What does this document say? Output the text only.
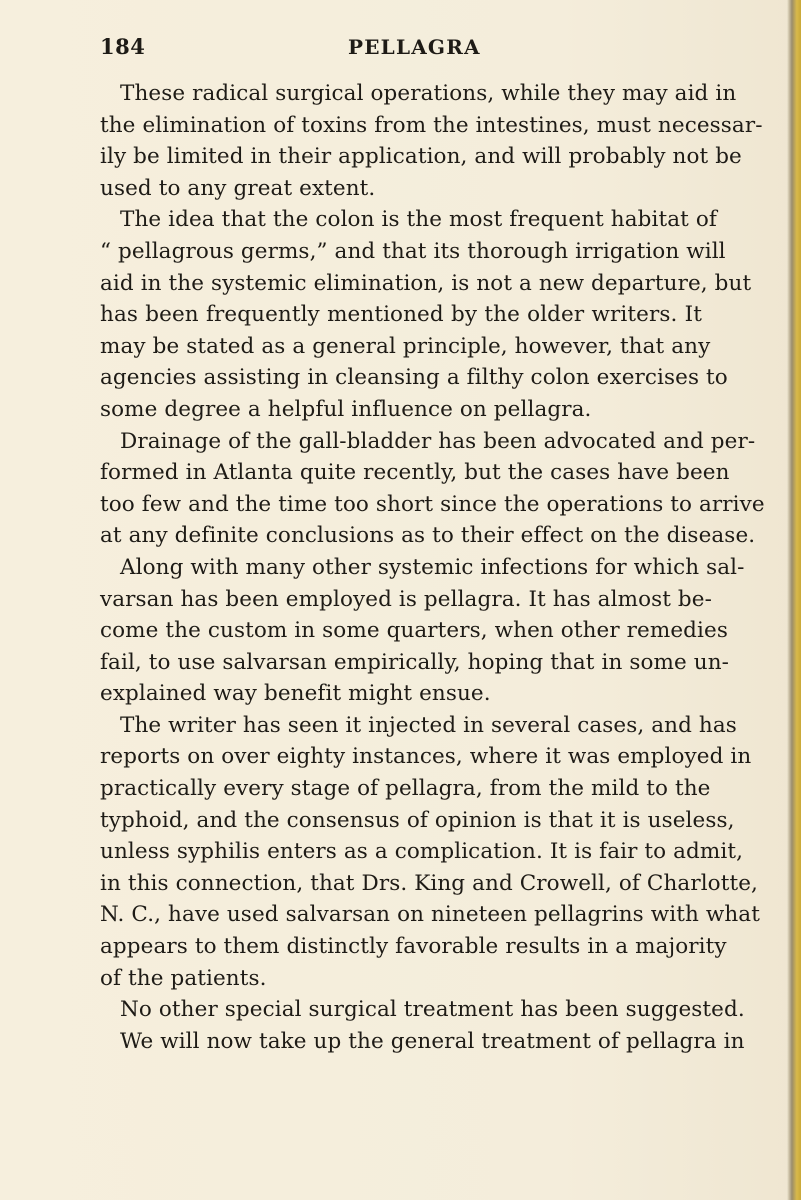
184	PELLAGRA
These radical surgical operations, while they may aid in
the elimination of toxins from the intestines, must necessar-
ily be limited in their application, and will probably not be
used to any great extent.
The idea that the colon is the most frequent habitat of
“ pellagrous germs,” and that its thorough irrigation will
aid in the systemic elimination, is not a new departure, but
has been frequently mentioned by the older writers. It
may be stated as a general principle, however, that any
agencies assisting in cleansing a filthy colon exercises to
some degree a helpful influence on pellagra.
Drainage of the gall-bladder has been advocated and per-
formed in Atlanta quite recently, but the cases have been
too few and the time too short since the operations to arrive
at any definite conclusions as to their effect on the disease.
Along with many other systemic infections for which sal-
varsan has been employed is pellagra. It has almost be-
come the custom in some quarters, when other remedies
fail, to use salvarsan empirically, hoping that in some un-
explained way benefit might ensue.
The writer has seen it injected in several cases, and has
reports on over eighty instances, where it was employed in
practically every stage of pellagra, from the mild to the
typhoid, and the consensus of opinion is that it is useless,
unless syphilis enters as a complication. It is fair to admit,
in this connection, that Drs. King and Crowell, of Charlotte,
N. C., have used salvarsan on nineteen pellagrins with what
appears to them distinctly favorable results in a majority
of the patients.
No other special surgical treatment has been suggested.
We will now take up the general treatment of pellagra in
